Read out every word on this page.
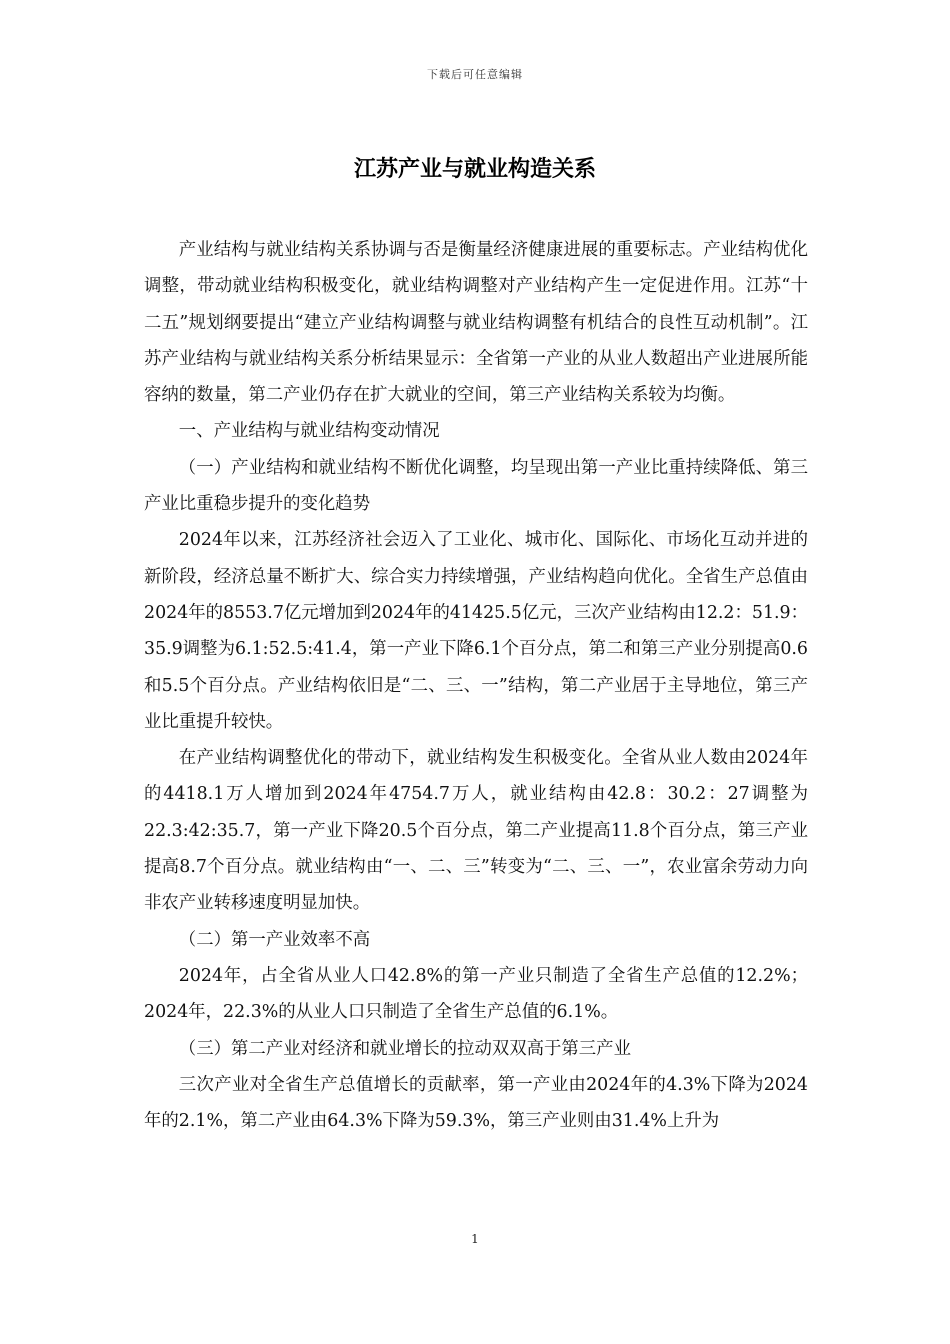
下载后可任意编辑
江苏产业与就业构造关系

产业结构与就业结构关系协调与否是衡量经济健康进展的重要标志。产业结构优化调整，带动就业结构积极变化，就业结构调整对产业结构产生一定促进作用。江苏“十二五”规划纲要提出“建立产业结构调整与就业结构调整有机结合的良性互动机制”。江苏产业结构与就业结构关系分析结果显示：全省第一产业的从业人数超出产业进展所能容纳的数量，第二产业仍存在扩大就业的空间，第三产业结构关系较为均衡。

一、产业结构与就业结构变动情况

（一）产业结构和就业结构不断优化调整，均呈现出第一产业比重持续降低、第三产业比重稳步提升的变化趋势

2024年以来，江苏经济社会迈入了工业化、城市化、国际化、市场化互动并进的新阶段，经济总量不断扩大、综合实力持续增强，产业结构趋向优化。全省生产总值由2024年的8553.7亿元增加到2024年的41425.5亿元，三次产业结构由12.2：51.9：35.9调整为6.1:52.5:41.4，第一产业下降6.1个百分点，第二和第三产业分别提高0.6和5.5个百分点。产业结构依旧是“二、三、一”结构，第二产业居于主导地位，第三产业比重提升较快。

在产业结构调整优化的带动下，就业结构发生积极变化。全省从业人数由2024年的4418.1万人增加到2024年4754.7万人，就业结构由42.8：30.2：27调整为22.3:42:35.7，第一产业下降20.5个百分点，第二产业提高11.8个百分点，第三产业提高8.7个百分点。就业结构由“一、二、三”转变为“二、三、一”，农业富余劳动力向非农产业转移速度明显加快。

（二）第一产业效率不高

2024年，占全省从业人口42.8%的第一产业只制造了全省生产总值的12.2%；2024年，22.3%的从业人口只制造了全省生产总值的6.1%。

（三）第二产业对经济和就业增长的拉动双双高于第三产业

三次产业对全省生产总值增长的贡献率，第一产业由2024年的4.3%下降为2024年的2.1%，第二产业由64.3%下降为59.3%，第三产业则由31.4%上升为

1
